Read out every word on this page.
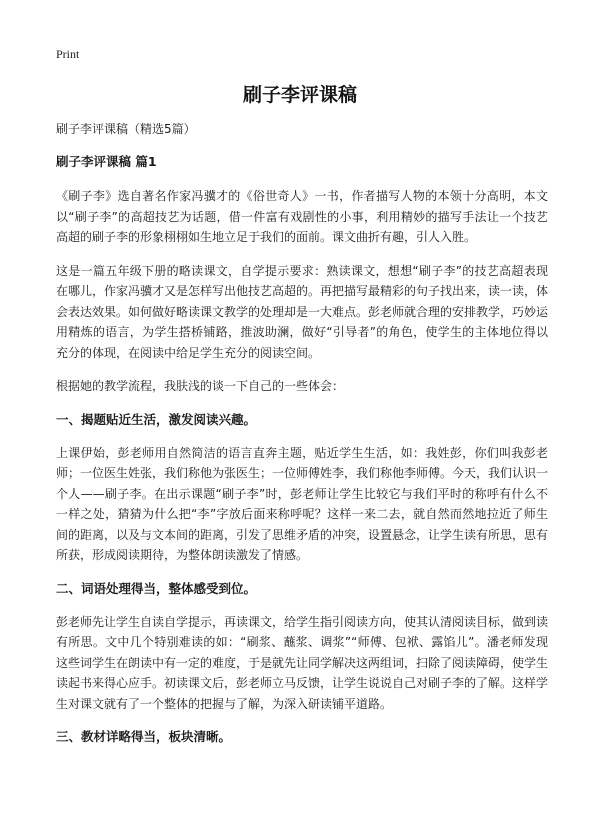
Print
刷子李评课稿

刷子李评课稿（精选5篇）

刷子李评课稿 篇1

《刷子李》选自著名作家冯骥才的《俗世奇人》一书，作者描写人物的本领十分高明，本文以“刷子李”的高超技艺为话题，借一件富有戏剧性的小事，利用精妙的描写手法让一个技艺高超的刷子李的形象栩栩如生地立足于我们的面前。课文曲折有趣，引人入胜。

这是一篇五年级下册的略读课文，自学提示要求：熟读课文，想想“刷子李”的技艺高超表现在哪儿，作家冯骥才又是怎样写出他技艺高超的。再把描写最精彩的句子找出来，读一读，体会表达效果。如何做好略读课文教学的处理却是一大难点。彭老师就合理的安排教学，巧妙运用精炼的语言，为学生搭桥铺路，推波助澜，做好“引导者”的角色，使学生的主体地位得以充分的体现，在阅读中给足学生充分的阅读空间。

根据她的教学流程，我肤浅的谈一下自己的一些体会：

一、揭题贴近生活，激发阅读兴趣。

上课伊始，彭老师用自然简洁的语言直奔主题，贴近学生生活，如：我姓彭，你们叫我彭老师；一位医生姓张，我们称他为张医生；一位师傅姓李，我们称他李师傅。今天，我们认识一个人——刷子李。在出示课题“刷子李”时，彭老师让学生比较它与我们平时的称呼有什么不一样之处，猜猜为什么把“李”字放后面来称呼呢？这样一来二去，就自然而然地拉近了师生间的距离，以及与文本间的距离，引发了思维矛盾的冲突，设置悬念，让学生读有所思，思有所获，形成阅读期待，为整体朗读激发了情感。

二、词语处理得当，整体感受到位。

彭老师先让学生自读自学提示，再读课文，给学生指引阅读方向，使其认清阅读目标，做到读有所思。文中几个特别难读的如：“刷浆、蘸浆、调浆”“师傅、包袱、露馅儿”。潘老师发现这些词学生在朗读中有一定的难度，于是就先让同学解决这两组词，扫除了阅读障碍，使学生读起书来得心应手。初读课文后，彭老师立马反馈，让学生说说自己对刷子李的了解。这样学生对课文就有了一个整体的把握与了解，为深入研读铺平道路。

三、教材详略得当，板块清晰。
